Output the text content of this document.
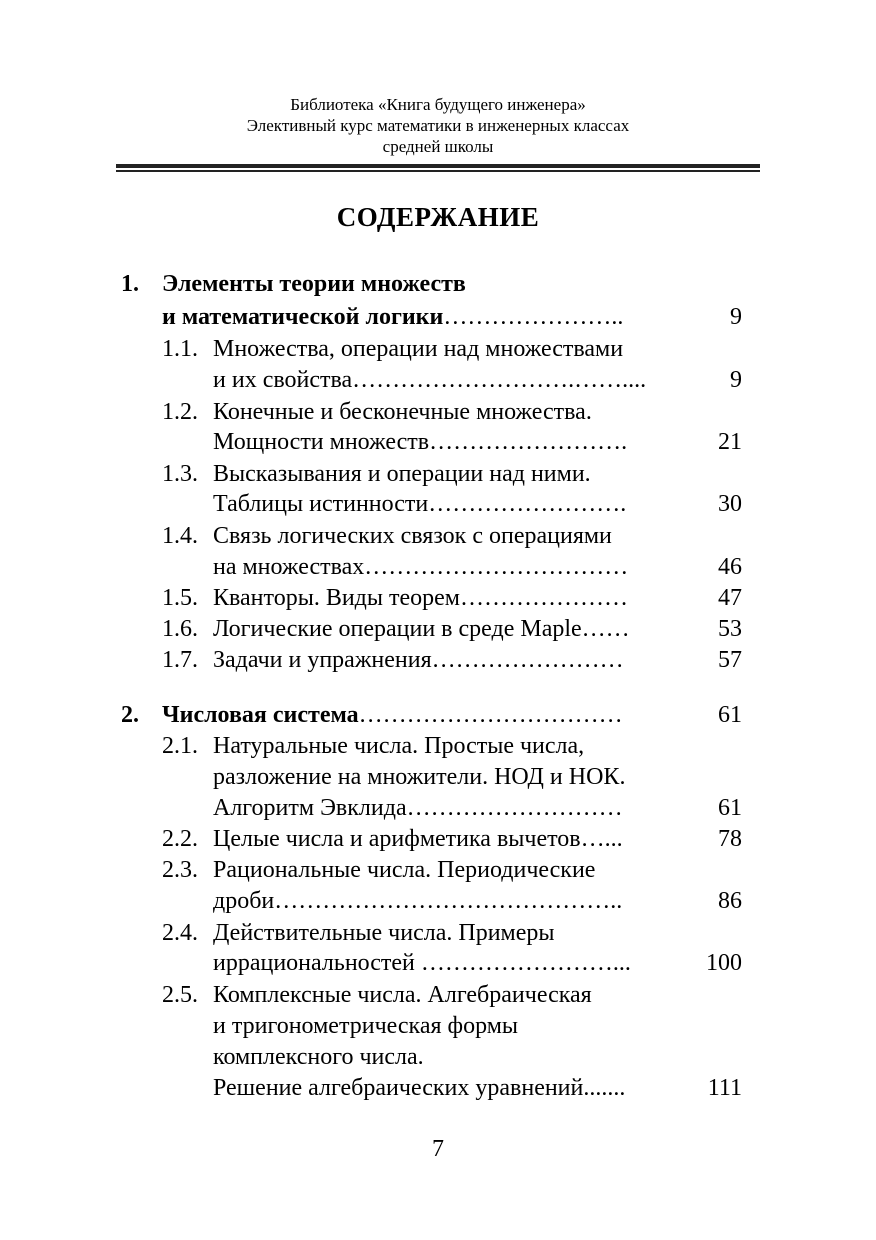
Библиотека «Книга будущего инженера»
Элективный курс математики в инженерных классах
средней школы
СОДЕРЖАНИЕ
1. Элементы теории множеств
и математической логики…………………..	9
1.1. Множества, операции над множествами
и их свойства……………………….……....	9
1.2. Конечные и бесконечные множества.
Мощности множеств…………………….	21
1.3. Высказывания и операции над ними.
Таблицы истинности…………………….	30
1.4. Связь логических связок с операциями
на множествах……………………………	46
1.5. Кванторы. Виды теорем…………………	47
1.6. Логические операции в среде Maple……	53
1.7. Задачи и упражнения……………………	57
2. Числовая система……………………………	61
2.1. Натуральные числа. Простые числа,
разложение на множители. НОД и НОК.
Алгоритм Эвклида………………………	61
2.2. Целые числа и арифметика вычетов…...	78
2.3. Рациональные числа. Периодические
дроби……………………………………..	86
2.4. Действительные числа. Примеры
иррациональностей ……………………...	100
2.5. Комплексные числа. Алгебраическая
и тригонометрическая формы
комплексного числа.
Решение алгебраических уравнений.......	111
7
